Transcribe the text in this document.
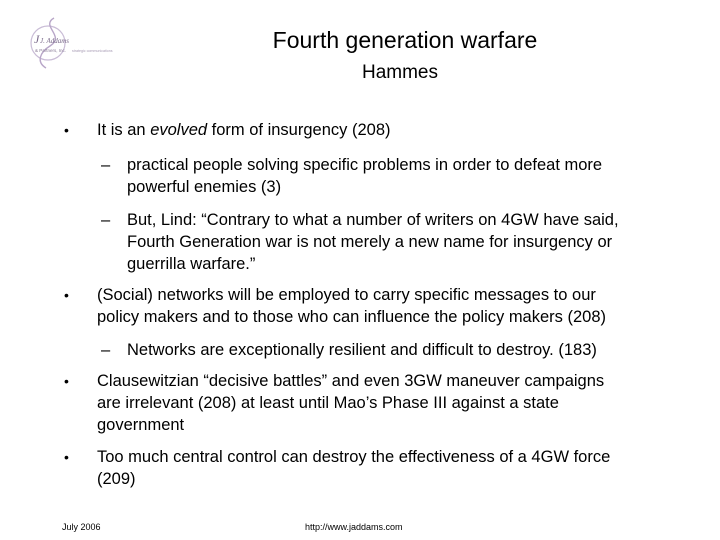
J J. Addams
& Partners, Inc. strategic communications	Fourth generation warfare
Hammes
• It is an evolved form of insurgency (208)
– practical people solving specific problems in order to defeat more
powerful enemies (3)
– But, Lind: “Contrary to what a number of writers on 4GW have said,
Fourth Generation war is not merely a new name for insurgency or
guerrilla warfare.”
• (Social) networks will be employed to carry specific messages to our
policy makers and to those who can influence the policy makers (208)
– Networks are exceptionally resilient and difficult to destroy. (183)
• Clausewitzian “decisive battles” and even 3GW maneuver campaigns
are irrelevant (208) at least until Mao’s Phase III against a state
government
• Too much central control can destroy the effectiveness of a 4GW force
(209)
July 2006	http://www.jaddams.com
